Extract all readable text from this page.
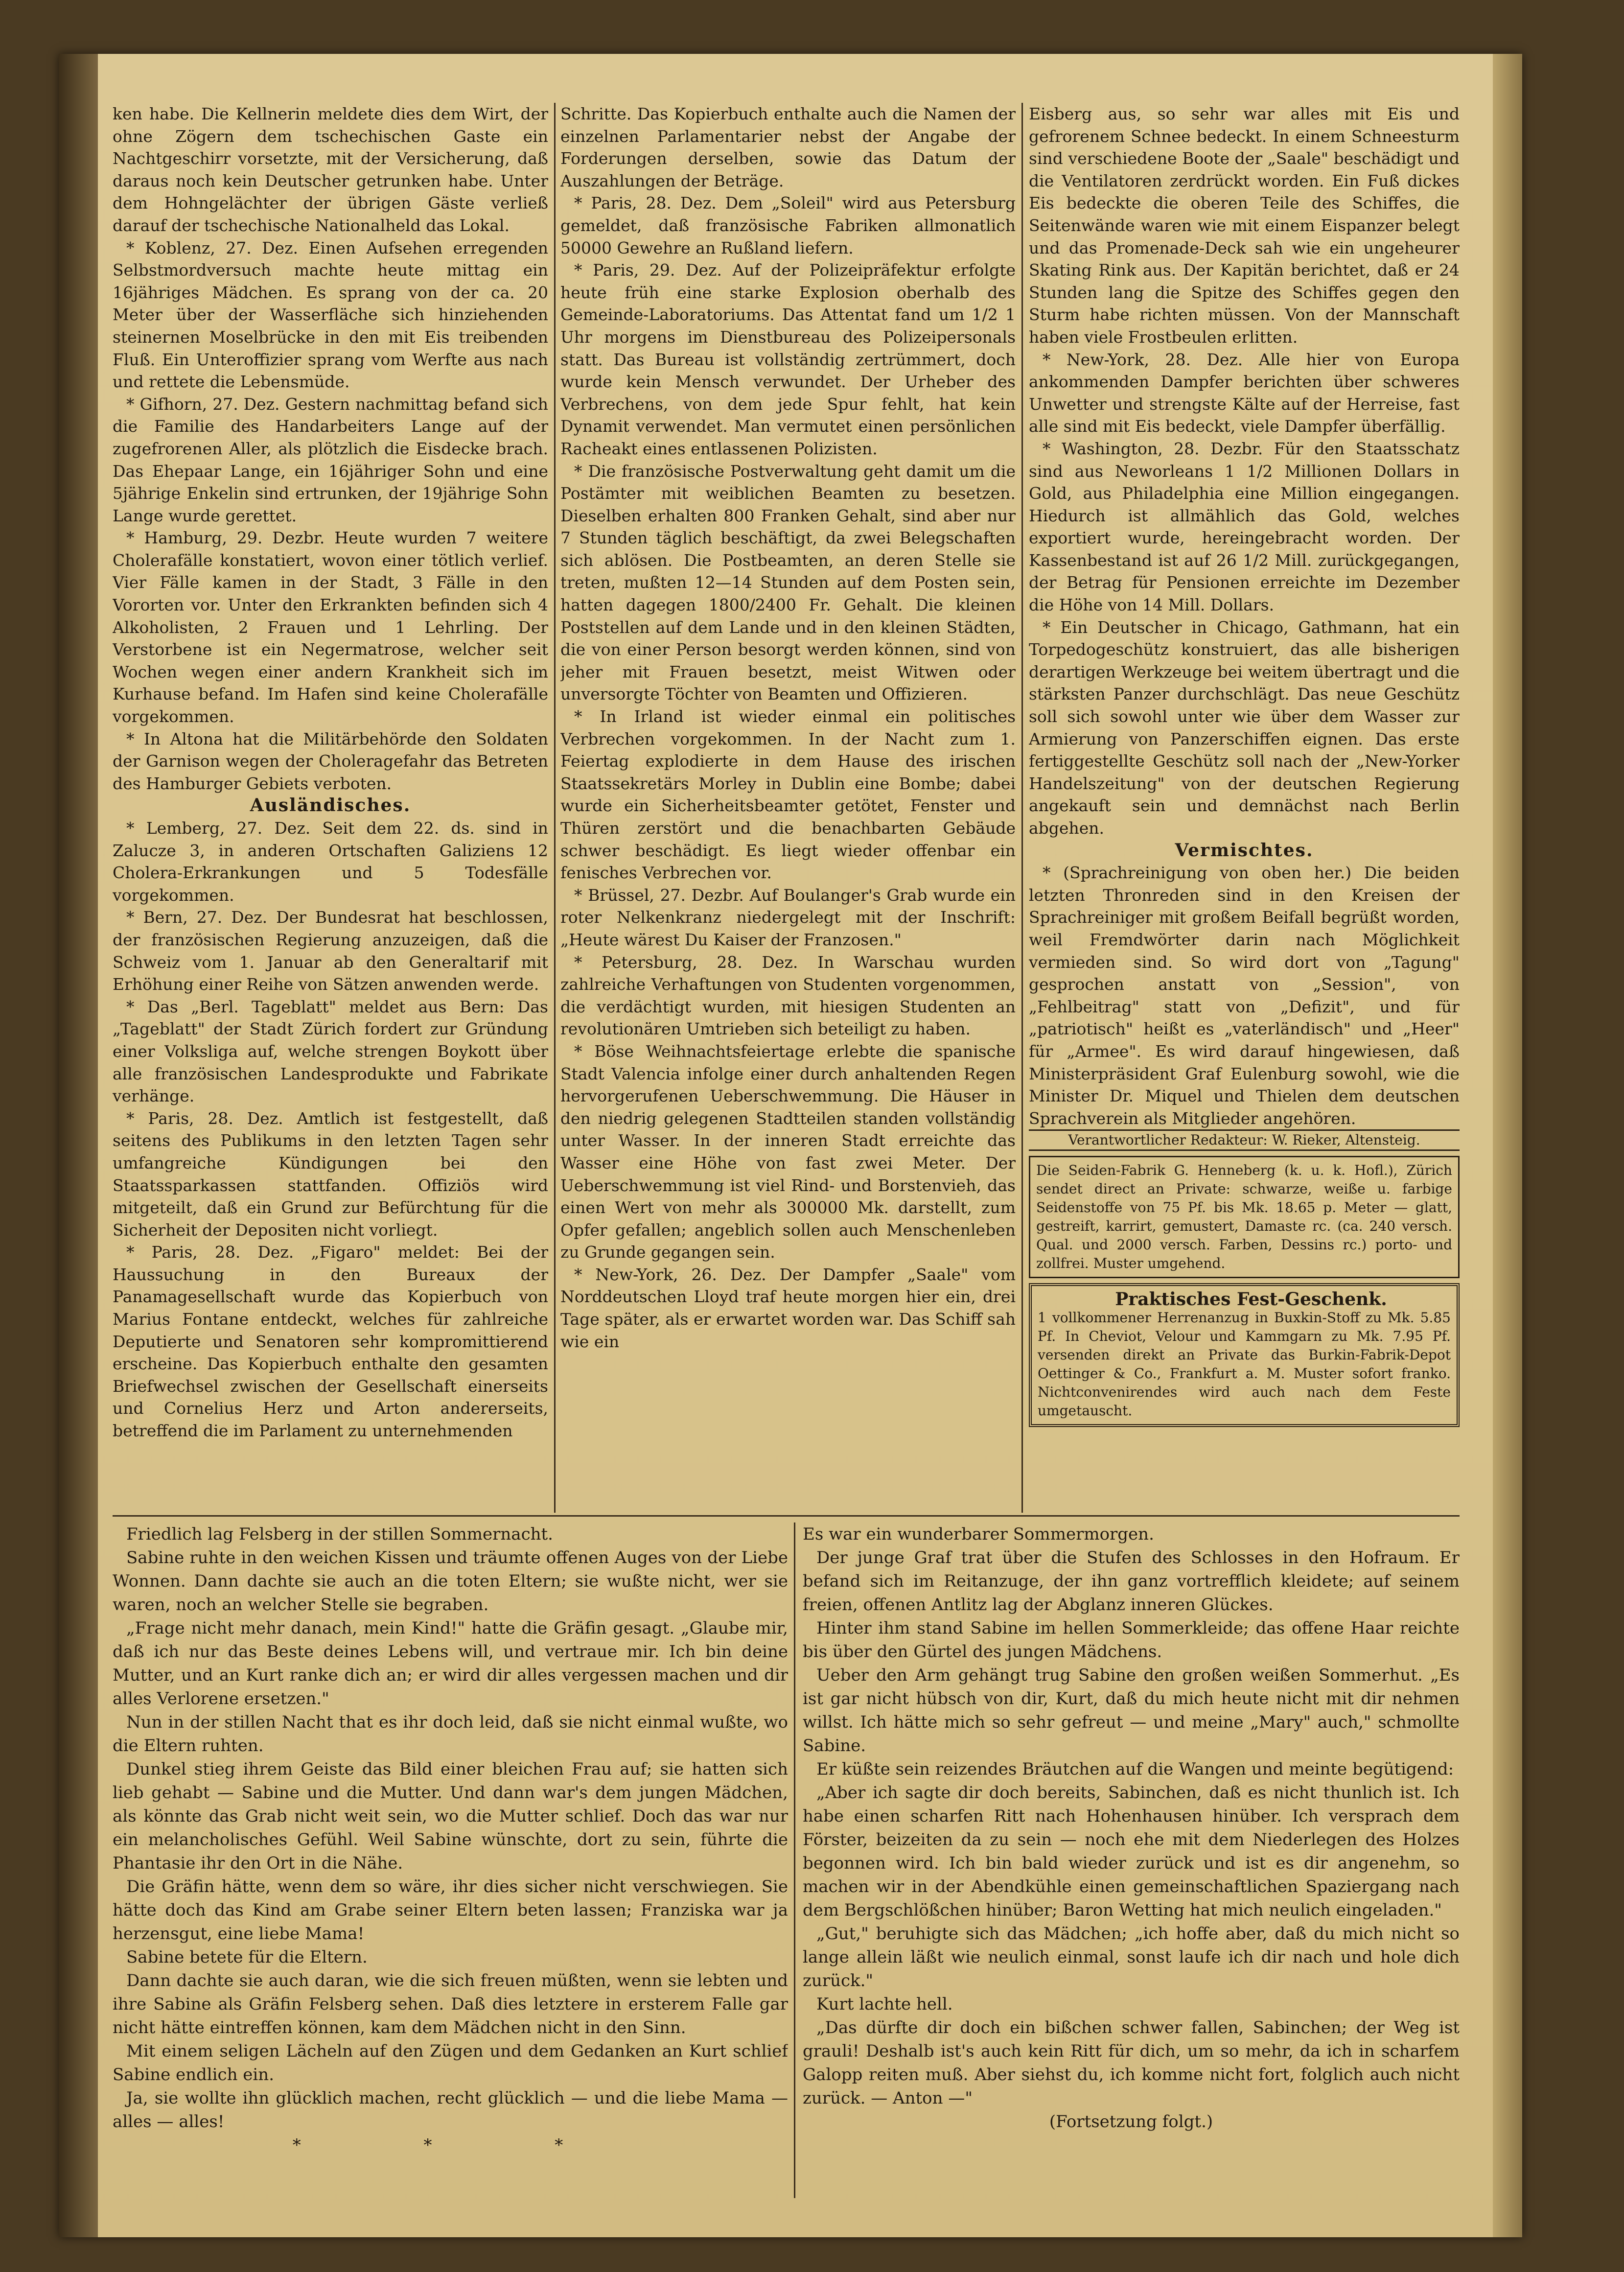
ken habe. Die Kellnerin meldete dies dem Wirt, der ohne Zögern dem tschechischen Gaste ein Nachtgeschirr vorsetzte, mit der Versicherung, daß daraus noch kein Deutscher getrunken habe. Unter dem Hohngelächter der übrigen Gäste verließ darauf der tschechische Nationalheld das Lokal.

* Koblenz, 27. Dez. Einen Aufsehen erregenden Selbstmordversuch machte heute mittag ein 16jähriges Mädchen. Es sprang von der ca. 20 Meter über der Wasserfläche sich hinziehenden steinernen Moselbrücke in den mit Eis treibenden Fluß. Ein Unteroffizier sprang vom Werfte aus nach und rettete die Lebensmüde.

* Gifhorn, 27. Dez. Gestern nachmittag befand sich die Familie des Handarbeiters Lange auf der zugefrorenen Aller, als plötzlich die Eisdecke brach. Das Ehepaar Lange, ein 16jähriger Sohn und eine 5jährige Enkelin sind ertrunken, der 19jährige Sohn Lange wurde gerettet.

* Hamburg, 29. Dezbr. Heute wurden 7 weitere Cholerafälle konstatiert, wovon einer tötlich verlief. Vier Fälle kamen in der Stadt, 3 Fälle in den Vororten vor. Unter den Erkrankten befinden sich 4 Alkoholisten, 2 Frauen und 1 Lehrling. Der Verstorbene ist ein Negermatrose, welcher seit Wochen wegen einer andern Krankheit sich im Kurhause befand. Im Hafen sind keine Cholerafälle vorgekommen.

* In Altona hat die Militärbehörde den Soldaten der Garnison wegen der Choleragefahr das Betreten des Hamburger Gebiets verboten.

Ausländisches.

* Lemberg, 27. Dez. Seit dem 22. ds. sind in Zalucze 3, in anderen Ortschaften Galiziens 12 Cholera-Erkrankungen und 5 Todesfälle vorgekommen.

* Bern, 27. Dez. Der Bundesrat hat beschlossen, der französischen Regierung anzuzeigen, daß die Schweiz vom 1. Januar ab den Generaltarif mit Erhöhung einer Reihe von Sätzen anwenden werde.

* Das „Berl. Tageblatt" meldet aus Bern: Das „Tageblatt" der Stadt Zürich fordert zur Gründung einer Volksliga auf, welche strengen Boykott über alle französischen Landesprodukte und Fabrikate verhänge.

* Paris, 28. Dez. Amtlich ist festgestellt, daß seitens des Publikums in den letzten Tagen sehr umfangreiche Kündigungen bei den Staatssparkassen stattfanden. Offiziös wird mitgeteilt, daß ein Grund zur Befürchtung für die Sicherheit der Depositen nicht vorliegt.

* Paris, 28. Dez. „Figaro" meldet: Bei der Haussuchung in den Bureaux der Panamagesellschaft wurde das Kopierbuch von Marius Fontane entdeckt, welches für zahlreiche Deputierte und Senatoren sehr kompromittierend erscheine. Das Kopierbuch enthalte den gesamten Briefwechsel zwischen der Gesellschaft einerseits und Cornelius Herz und Arton andererseits, betreffend die im Parlament zu unternehmenden

Schritte. Das Kopierbuch enthalte auch die Namen der einzelnen Parlamentarier nebst der Angabe der Forderungen derselben, sowie das Datum der Auszahlungen der Beträge.

* Paris, 28. Dez. Dem „Soleil" wird aus Petersburg gemeldet, daß französische Fabriken allmonatlich 50000 Gewehre an Rußland liefern.

* Paris, 29. Dez. Auf der Polizeipräfektur erfolgte heute früh eine starke Explosion oberhalb des Gemeinde-Laboratoriums. Das Attentat fand um 1/2 1 Uhr morgens im Dienstbureau des Polizeipersonals statt. Das Bureau ist vollständig zertrümmert, doch wurde kein Mensch verwundet. Der Urheber des Verbrechens, von dem jede Spur fehlt, hat kein Dynamit verwendet. Man vermutet einen persönlichen Racheakt eines entlassenen Polizisten.

* Die französische Postverwaltung geht damit um die Postämter mit weiblichen Beamten zu besetzen. Dieselben erhalten 800 Franken Gehalt, sind aber nur 7 Stunden täglich beschäftigt, da zwei Belegschaften sich ablösen. Die Postbeamten, an deren Stelle sie treten, mußten 12—14 Stunden auf dem Posten sein, hatten dagegen 1800/2400 Fr. Gehalt. Die kleinen Poststellen auf dem Lande und in den kleinen Städten, die von einer Person besorgt werden können, sind von jeher mit Frauen besetzt, meist Witwen oder unversorgte Töchter von Beamten und Offizieren.

* In Irland ist wieder einmal ein politisches Verbrechen vorgekommen. In der Nacht zum 1. Feiertag explodierte in dem Hause des irischen Staatssekretärs Morley in Dublin eine Bombe; dabei wurde ein Sicherheitsbeamter getötet, Fenster und Thüren zerstört und die benachbarten Gebäude schwer beschädigt. Es liegt wieder offenbar ein fenisches Verbrechen vor.

* Brüssel, 27. Dezbr. Auf Boulanger's Grab wurde ein roter Nelkenkranz niedergelegt mit der Inschrift: „Heute wärest Du Kaiser der Franzosen."

* Petersburg, 28. Dez. In Warschau wurden zahlreiche Verhaftungen von Studenten vorgenommen, die verdächtigt wurden, mit hiesigen Studenten an revolutionären Umtrieben sich beteiligt zu haben.

* Böse Weihnachtsfeiertage erlebte die spanische Stadt Valencia infolge einer durch anhaltenden Regen hervorgerufenen Ueberschwemmung. Die Häuser in den niedrig gelegenen Stadtteilen standen vollständig unter Wasser. In der inneren Stadt erreichte das Wasser eine Höhe von fast zwei Meter. Der Ueberschwemmung ist viel Rind- und Borstenvieh, das einen Wert von mehr als 300000 Mk. darstellt, zum Opfer gefallen; angeblich sollen auch Menschenleben zu Grunde gegangen sein.

* New-York, 26. Dez. Der Dampfer „Saale" vom Norddeutschen Lloyd traf heute morgen hier ein, drei Tage später, als er erwartet worden war. Das Schiff sah wie ein

Eisberg aus, so sehr war alles mit Eis und gefrorenem Schnee bedeckt. In einem Schneesturm sind verschiedene Boote der „Saale" beschädigt und die Ventilatoren zerdrückt worden. Ein Fuß dickes Eis bedeckte die oberen Teile des Schiffes, die Seitenwände waren wie mit einem Eispanzer belegt und das Promenade-Deck sah wie ein ungeheurer Skating Rink aus. Der Kapitän berichtet, daß er 24 Stunden lang die Spitze des Schiffes gegen den Sturm habe richten müssen. Von der Mannschaft haben viele Frostbeulen erlitten.

* New-York, 28. Dez. Alle hier von Europa ankommenden Dampfer berichten über schweres Unwetter und strengste Kälte auf der Herreise, fast alle sind mit Eis bedeckt, viele Dampfer überfällig.

* Washington, 28. Dezbr. Für den Staatsschatz sind aus Neworleans 1 1/2 Millionen Dollars in Gold, aus Philadelphia eine Million eingegangen. Hiedurch ist allmählich das Gold, welches exportiert wurde, hereingebracht worden. Der Kassenbestand ist auf 26 1/2 Mill. zurückgegangen, der Betrag für Pensionen erreichte im Dezember die Höhe von 14 Mill. Dollars.

* Ein Deutscher in Chicago, Gathmann, hat ein Torpedogeschütz konstruiert, das alle bisherigen derartigen Werkzeuge bei weitem übertragt und die stärksten Panzer durchschlägt. Das neue Geschütz soll sich sowohl unter wie über dem Wasser zur Armierung von Panzerschiffen eignen. Das erste fertiggestellte Geschütz soll nach der „New-Yorker Handelszeitung" von der deutschen Regierung angekauft sein und demnächst nach Berlin abgehen.

Vermischtes.

* (Sprachreinigung von oben her.) Die beiden letzten Thronreden sind in den Kreisen der Sprachreiniger mit großem Beifall begrüßt worden, weil Fremdwörter darin nach Möglichkeit vermieden sind. So wird dort von „Tagung" gesprochen anstatt von „Session", von „Fehlbeitrag" statt von „Defizit", und für „patriotisch" heißt es „vaterländisch" und „Heer" für „Armee". Es wird darauf hingewiesen, daß Ministerpräsident Graf Eulenburg sowohl, wie die Minister Dr. Miquel und Thielen dem deutschen Sprachverein als Mitglieder angehören.

Verantwortlicher Redakteur: W. Rieker, Altensteig.

Die Seiden-Fabrik G. Henneberg (k. u. k. Hofl.), Zürich sendet direct an Private: schwarze, weiße u. farbige Seidenstoffe von 75 Pf. bis Mk. 18.65 p. Meter — glatt, gestreift, karrirt, gemustert, Damaste rc. (ca. 240 versch. Qual. und 2000 versch. Farben, Dessins rc.) porto- und zollfrei. Muster umgehend.

Praktisches Fest-Geschenk.

1 vollkommener Herrenanzug in Buxkin-Stoff zu Mk. 5.85 Pf. In Cheviot, Velour und Kammgarn zu Mk. 7.95 Pf. versenden direkt an Private das Burkin-Fabrik-Depot Oettinger & Co., Frankfurt a. M. Muster sofort franko. Nichtconvenirendes wird auch nach dem Feste umgetauscht.

Friedlich lag Felsberg in der stillen Sommernacht.

Sabine ruhte in den weichen Kissen und träumte offenen Auges von der Liebe Wonnen. Dann dachte sie auch an die toten Eltern; sie wußte nicht, wer sie waren, noch an welcher Stelle sie begraben.

„Frage nicht mehr danach, mein Kind!" hatte die Gräfin gesagt. „Glaube mir, daß ich nur das Beste deines Lebens will, und vertraue mir. Ich bin deine Mutter, und an Kurt ranke dich an; er wird dir alles vergessen machen und dir alles Verlorene ersetzen."

Nun in der stillen Nacht that es ihr doch leid, daß sie nicht einmal wußte, wo die Eltern ruhten.

Dunkel stieg ihrem Geiste das Bild einer bleichen Frau auf; sie hatten sich lieb gehabt — Sabine und die Mutter. Und dann war's dem jungen Mädchen, als könnte das Grab nicht weit sein, wo die Mutter schlief. Doch das war nur ein melancholisches Gefühl. Weil Sabine wünschte, dort zu sein, führte die Phantasie ihr den Ort in die Nähe.

Die Gräfin hätte, wenn dem so wäre, ihr dies sicher nicht verschwiegen. Sie hätte doch das Kind am Grabe seiner Eltern beten lassen; Franziska war ja herzensgut, eine liebe Mama!

Sabine betete für die Eltern.

Dann dachte sie auch daran, wie die sich freuen müßten, wenn sie lebten und ihre Sabine als Gräfin Felsberg sehen. Daß dies letztere in ersterem Falle gar nicht hätte eintreffen können, kam dem Mädchen nicht in den Sinn.

Mit einem seligen Lächeln auf den Zügen und dem Gedanken an Kurt schlief Sabine endlich ein.

Ja, sie wollte ihn glücklich machen, recht glücklich — und die liebe Mama — alles — alles!

* * *

Es war ein wunderbarer Sommermorgen.

Der junge Graf trat über die Stufen des Schlosses in den Hofraum. Er befand sich im Reitanzuge, der ihn ganz vortrefflich kleidete; auf seinem freien, offenen Antlitz lag der Abglanz inneren Glückes.

Hinter ihm stand Sabine im hellen Sommerkleide; das offene Haar reichte bis über den Gürtel des jungen Mädchens.

Ueber den Arm gehängt trug Sabine den großen weißen Sommerhut. „Es ist gar nicht hübsch von dir, Kurt, daß du mich heute nicht mit dir nehmen willst. Ich hätte mich so sehr gefreut — und meine „Mary" auch," schmollte Sabine.

Er küßte sein reizendes Bräutchen auf die Wangen und meinte begütigend:

„Aber ich sagte dir doch bereits, Sabinchen, daß es nicht thunlich ist. Ich habe einen scharfen Ritt nach Hohenhausen hinüber. Ich versprach dem Förster, beizeiten da zu sein — noch ehe mit dem Niederlegen des Holzes begonnen wird. Ich bin bald wieder zurück und ist es dir angenehm, so machen wir in der Abendkühle einen gemeinschaftlichen Spaziergang nach dem Bergschlößchen hinüber; Baron Wetting hat mich neulich eingeladen."

„Gut," beruhigte sich das Mädchen; „ich hoffe aber, daß du mich nicht so lange allein läßt wie neulich einmal, sonst laufe ich dir nach und hole dich zurück."

Kurt lachte hell.

„Das dürfte dir doch ein bißchen schwer fallen, Sabinchen; der Weg ist grauli! Deshalb ist's auch kein Ritt für dich, um so mehr, da ich in scharfem Galopp reiten muß. Aber siehst du, ich komme nicht fort, folglich auch nicht zurück. — Anton —"

(Fortsetzung folgt.)
